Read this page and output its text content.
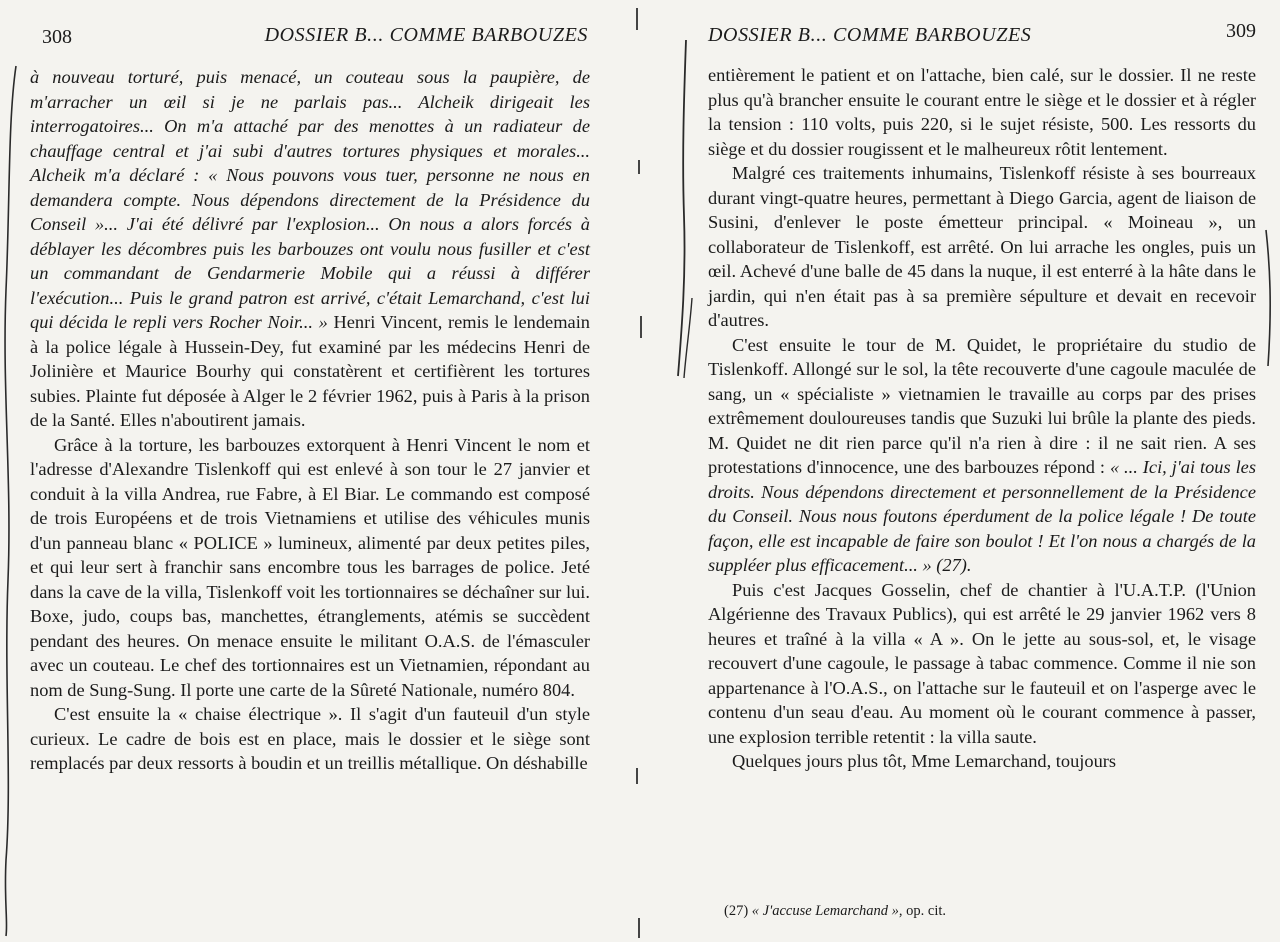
308	DOSSIER B... COMME BARBOUZES

à nouveau torturé, puis menacé, un couteau sous la paupière, de m'arracher un œil si je ne parlais pas... Alcheik dirigeait les interrogatoires... On m'a attaché par des menottes à un radiateur de chauffage central et j'ai subi d'autres tortures physiques et morales... Alcheik m'a déclaré : « Nous pouvons vous tuer, personne ne nous en demandera compte. Nous dépendons directement de la Présidence du Conseil »... J'ai été délivré par l'explosion... On nous a alors forcés à déblayer les décombres puis les barbouzes ont voulu nous fusiller et c'est un commandant de Gendarmerie Mobile qui a réussi à différer l'exécution... Puis le grand patron est arrivé, c'était Lemarchand, c'est lui qui décida le repli vers Rocher Noir... » Henri Vincent, remis le lendemain à la police légale à Hussein-Dey, fut examiné par les médecins Henri de Jolinière et Maurice Bourhy qui constatèrent et certifièrent les tortures subies. Plainte fut déposée à Alger le 2 février 1962, puis à Paris à la prison de la Santé. Elles n'aboutirent jamais.

Grâce à la torture, les barbouzes extorquent à Henri Vincent le nom et l'adresse d'Alexandre Tislenkoff qui est enlevé à son tour le 27 janvier et conduit à la villa Andrea, rue Fabre, à El Biar. Le commando est composé de trois Européens et de trois Vietnamiens et utilise des véhicules munis d'un panneau blanc « POLICE » lumineux, alimenté par deux petites piles, et qui leur sert à franchir sans encombre tous les barrages de police. Jeté dans la cave de la villa, Tislenkoff voit les tortionnaires se déchaîner sur lui. Boxe, judo, coups bas, manchettes, étranglements, atémis se succèdent pendant des heures. On menace ensuite le militant O.A.S. de l'émasculer avec un couteau. Le chef des tortionnaires est un Vietnamien, répondant au nom de Sung-Sung. Il porte une carte de la Sûreté Nationale, numéro 804.

C'est ensuite la « chaise électrique ». Il s'agit d'un fauteuil d'un style curieux. Le cadre de bois est en place, mais le dossier et le siège sont remplacés par deux ressorts à boudin et un treillis métallique. On déshabille

DOSSIER B... COMME BARBOUZES	309

entièrement le patient et on l'attache, bien calé, sur le dossier. Il ne reste plus qu'à brancher ensuite le courant entre le siège et le dossier et à régler la tension : 110 volts, puis 220, si le sujet résiste, 500. Les ressorts du siège et du dossier rougissent et le malheureux rôtit lentement.

Malgré ces traitements inhumains, Tislenkoff résiste à ses bourreaux durant vingt-quatre heures, permettant à Diego Garcia, agent de liaison de Susini, d'enlever le poste émetteur principal. « Moineau », un collaborateur de Tislenkoff, est arrêté. On lui arrache les ongles, puis un œil. Achevé d'une balle de 45 dans la nuque, il est enterré à la hâte dans le jardin, qui n'en était pas à sa première sépulture et devait en recevoir d'autres.

C'est ensuite le tour de M. Quidet, le propriétaire du studio de Tislenkoff. Allongé sur le sol, la tête recouverte d'une cagoule maculée de sang, un « spécialiste » vietnamien le travaille au corps par des prises extrêmement douloureuses tandis que Suzuki lui brûle la plante des pieds. M. Quidet ne dit rien parce qu'il n'a rien à dire : il ne sait rien. A ses protestations d'innocence, une des barbouzes répond : « ... Ici, j'ai tous les droits. Nous dépendons directement et personnellement de la Présidence du Conseil. Nous nous foutons éperdument de la police légale ! De toute façon, elle est incapable de faire son boulot ! Et l'on nous a chargés de la suppléer plus efficacement... » (27).

Puis c'est Jacques Gosselin, chef de chantier à l'U.A.T.P. (l'Union Algérienne des Travaux Publics), qui est arrêté le 29 janvier 1962 vers 8 heures et traîné à la villa « A ». On le jette au sous-sol, et, le visage recouvert d'une cagoule, le passage à tabac commence. Comme il nie son appartenance à l'O.A.S., on l'attache sur le fauteuil et on l'asperge avec le contenu d'un seau d'eau. Au moment où le courant commence à passer, une explosion terrible retentit : la villa saute.

Quelques jours plus tôt, Mme Lemarchand, toujours

(27) « J'accuse Lemarchand », op. cit.
